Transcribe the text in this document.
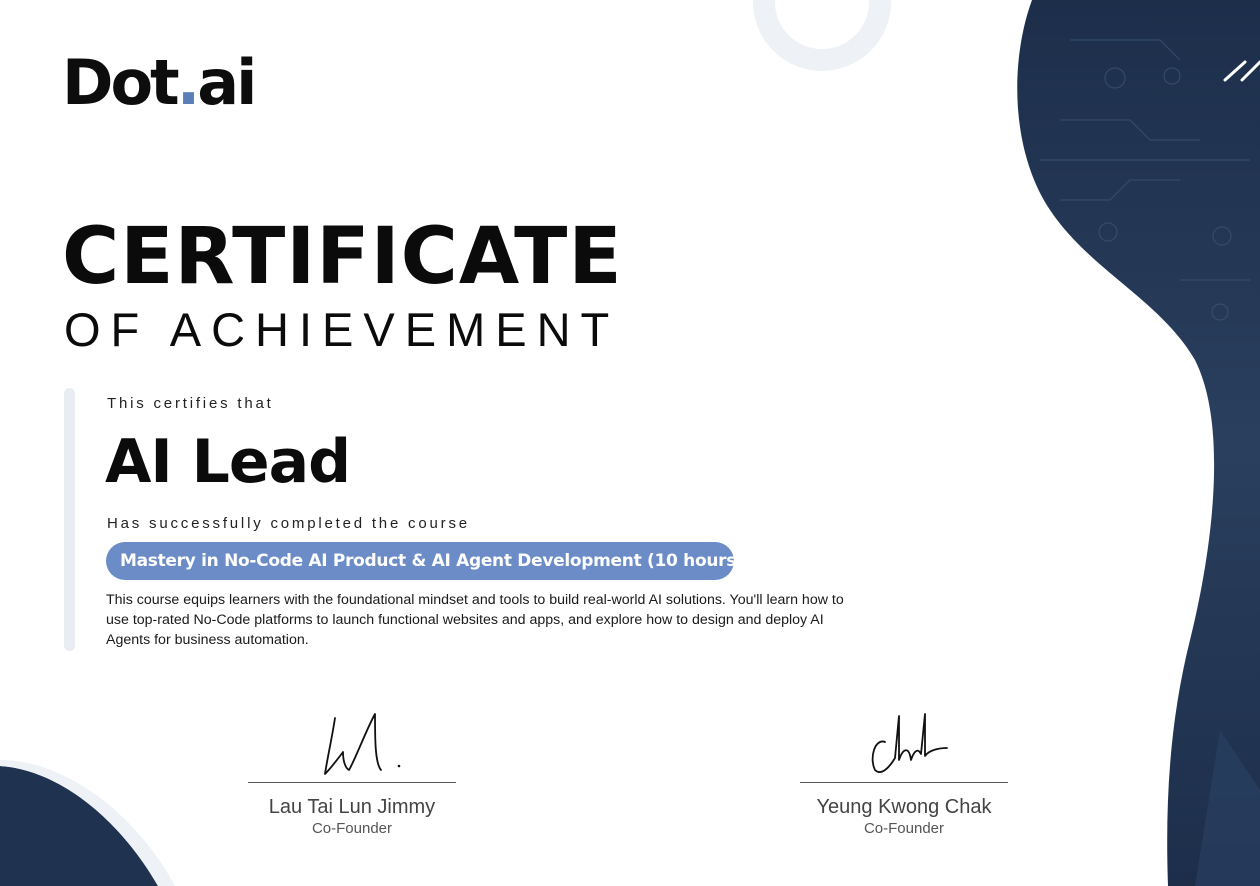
Dot.ai
CERTIFICATE
OF ACHIEVEMENT
This certifies that
AI Lead
Has successfully completed the course
Mastery in No-Code AI Product & AI Agent Development (10 hours)
This course equips learners with the foundational mindset and tools to build real-world AI solutions. You'll learn how to use top-rated No-Code platforms to launch functional websites and apps, and explore how to design and deploy AI Agents for business automation.
Lau Tai Lun Jimmy
Co-Founder
Yeung Kwong Chak
Co-Founder
